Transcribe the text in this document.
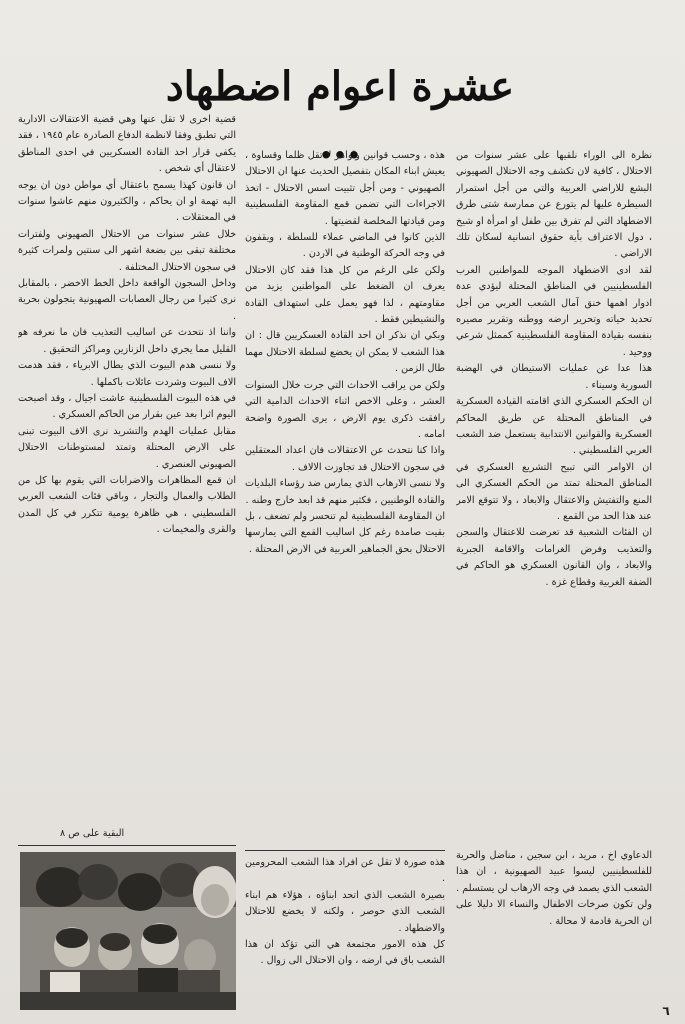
عشرة اعوام اضطهاد ...	نظرة الى الوراء نلقيها على عشر سنوات من الاحتلال ، كافية لان تكشف وجه الاحتلال الصهيوني البشع للاراضي العربية والتي من أجل استمرار السيطرة عليها لم يتورع عن ممارسة شتى طرق الاضطهاد التي لم تفرق بين طفل او امرأة او شيخ ، دول الاعتراف بأية حقوق انسانية لسكان تلك الاراضي .

لقد ادى الاضطهاد الموجه للمواطنين العرب الفلسطينيين في المناطق المحتلة ليؤدي عدة ادوار اهمها خنق آمال الشعب العربي من أجل تحديد حياته وتحرير ارضه ووطنه وتقرير مصيره بنفسه بقيادة المقاومة الفلسطينية كممثل شرعي ووحيد .

هذا عدا عن عمليات الاستيطان في الهضبة السورية وسيناء .

ان الحكم العسكري الذي اقامته القيادة العسكرية في المناطق المحتلة عن طريق المحاكم العسكرية والقوانين الانتدابية يستعمل ضد الشعب العربي الفلسطيني .

ان الاوامر التي تبيح التشريع العسكري في المناطق المحتلة تمتد من الحكم العسكري الى المنع والتفتيش والاعتقال والابعاد ، ولا تتوقع الامر عند هذا الحد من القمع .

ان الفئات الشعبية قد تعرضت للاعتقال والسجن والتعذيب وفرض الغرامات والاقامة الجبرية والابعاد ، وان القانون العسكري هو الحاكم في الضفة الغربية وقطاع غزة .

هذه ، وحسب قوانين واوامر لا تقل ظلما وقساوة ، يعيش ابناء المكان بتفصيل الحديث عنها ان الاحتلال الصهيوني - ومن أجل تثبيت اسس الاحتلال - اتخذ الاجراءات التي تضمن قمع المقاومة الفلسطينية ومن قيادتها المخلصة لقضيتها .

الذين كانوا في الماضي عملاء للسلطة ، ويقفون في وجه الحركة الوطنية في الاردن .

ولكن على الرغم من كل هذا فقد كان الاحتلال يعرف ان الضغط على المواطنين يزيد من مقاومتهم ، لذا فهو يعمل على استهداف القادة والنشيطين فقط .

وبكي ان نذكر ان احد القادة العسكريين قال : ان هذا الشعب لا يمكن ان يخضع لسلطة الاحتلال مهما طال الزمن .

ولكن من يراقب الاحداث التي جرت خلال السنوات العشر ، وعلى الاخص اثناء الاحداث الدامية التي رافقت ذكرى يوم الارض ، يرى الصورة واضحة امامه .

واذا كنا نتحدث عن الاعتقالات فان اعداد المعتقلين في سجون الاحتلال قد تجاوزت الالاف .

ولا ننسى الارهاب الذي يمارس ضد رؤساء البلديات والقادة الوطنيين ، فكثير منهم قد ابعد خارج وطنه .

ان المقاومة الفلسطينية لم تنحسر ولم تضعف ، بل بقيت صامدة رغم كل اساليب القمع التي يمارسها الاحتلال بحق الجماهير العربية في الارض المحتلة .

قضية اخرى لا تقل عنها وهي قضية الاعتقالات الادارية التي تطبق وفقا لانظمة الدفاع الصادرة عام ١٩٤٥ ، فقد يكفي قرار احد القادة العسكريين في احدى المناطق لاعتقال أي شخص .

ان قانون كهذا يسمح باعتقال أي مواطن دون ان يوجه اليه تهمة او ان يحاكم ، والكثيرون منهم عاشوا سنوات في المعتقلات .

خلال عشر سنوات من الاحتلال الصهيوني ولفترات مختلفة تبقى بين بضعة اشهر الى سنتين ولمرات كثيرة في سجون الاحتلال المختلفة .

وداخل السجون الواقعة داخل الخط الاخضر ، بالمقابل نرى كثيرا من رجال العصابات الصهيونية يتجولون بحرية .

واننا اذ نتحدث عن اساليب التعذيب فان ما نعرفه هو القليل مما يجري داخل الزنازين ومراكز التحقيق .

ولا ننسى هدم البيوت الذي يطال الابرياء ، فقد هدمت الاف البيوت وشردت عائلات باكملها .

في هذه البيوت الفلسطينية عاشت اجيال ، وقد اصبحت اليوم اثرا بعد عين بقرار من الحاكم العسكري .

مقابل عمليات الهدم والتشريد نرى الاف البيوت تبنى على الارض المحتلة وتمتد لمستوطنات الاحتلال الصهيوني العنصري .

ان قمع المظاهرات والاضرابات التي يقوم بها كل من الطلاب والعمال والتجار ، وباقي فئات الشعب العربي الفلسطيني ، هي ظاهرة يومية تتكرر في كل المدن والقرى والمخيمات .

البقية على ص ٨

الدعاوي اخ ، مريد ، ابن سجين ، مناضل والحرية للفلسطينيين ليسوا عبيد الصهيونية ، ان هذا الشعب الذي يصمد في وجه الارهاب لن يستسلم .

ولن تكون صرخات الاطفال والنساء الا دليلا على ان الحرية قادمة لا محالة .

هذه صورة لا تقل عن افراد هذا الشعب المحرومين .

بصيرة الشعب الذي اتحد ابناؤه ، هؤلاء هم ابناء الشعب الذي حوصر ، ولكنه لا يخضع للاحتلال والاضطهاد .

كل هذه الامور مجتمعة هي التي تؤكد ان هذا الشعب باق في ارضه ، وان الاحتلال الى زوال .

٦
